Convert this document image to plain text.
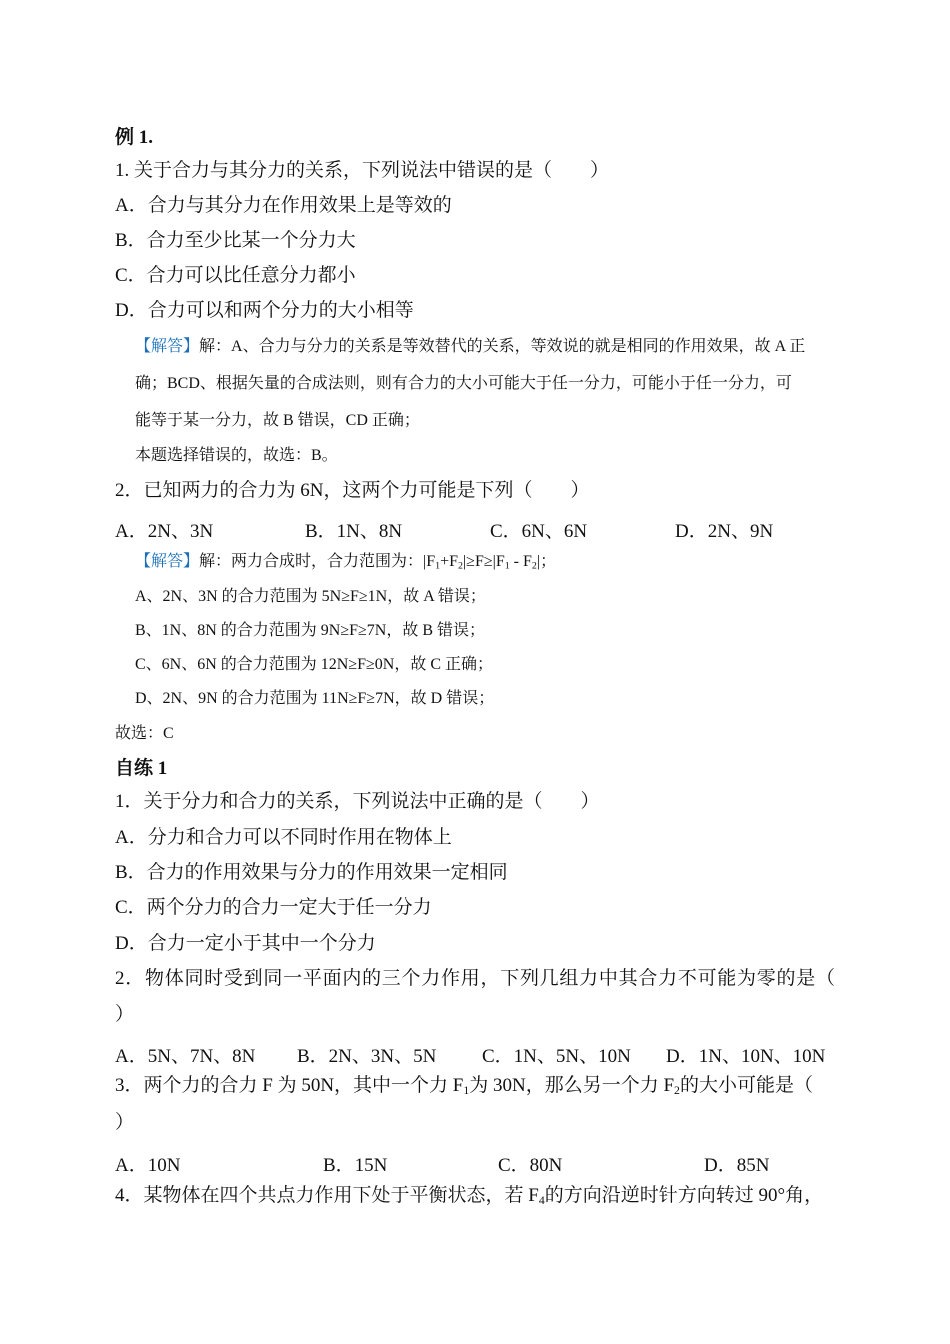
例 1.
1. 关于合力与其分力的关系，下列说法中错误的是（　　）
A．合力与其分力在作用效果上是等效的
B．合力至少比某一个分力大
C．合力可以比任意分力都小
D．合力可以和两个分力的大小相等
【解答】解：A、合力与分力的关系是等效替代的关系，等效说的就是相同的作用效果，故 A 正
确；BCD、根据矢量的合成法则，则有合力的大小可能大于任一分力，可能小于任一分力，可
能等于某一分力，故 B 错误，CD 正确；
本题选择错误的，故选：B。
2．已知两力的合力为 6N，这两个力可能是下列（　　）
A．2N、3N	B．1N、8N	C．6N、6N	D．2N、9N
【解答】解：两力合成时，合力范围为：$|F_1+F_2|\ge F\ge|F_1 - F_2|$；
A、2N、3N 的合力范围为 5N≥F≥1N，故 A 错误；
B、1N、8N 的合力范围为 9N≥F≥7N，故 B 错误；
C、6N、6N 的合力范围为 12N≥F≥0N，故 C 正确；
D、2N、9N 的合力范围为 11N≥F≥7N，故 D 错误；
故选：C
自练 1
1．关于分力和合力的关系，下列说法中正确的是（　　）
A．分力和合力可以不同时作用在物体上
B．合力的作用效果与分力的作用效果一定相同
C．两个分力的合力一定大于任一分力
D．合力一定小于其中一个分力
2．物体同时受到同一平面内的三个力作用，下列几组力中其合力不可能为零的是（
）
A．5N、7N、8N B．2N、3N、5N C．1N、5N、10N D．1N、10N、10N
3．两个力的合力 F 为 50N，其中一个力 $F_1$为 30N，那么另一个力 $F_2$的大小可能是（
）
A．10N	B．15N	C．80N	D．85N
4．某物体在四个共点力作用下处于平衡状态，若 $F_4$的方向沿逆时针方向转过 90°角，
